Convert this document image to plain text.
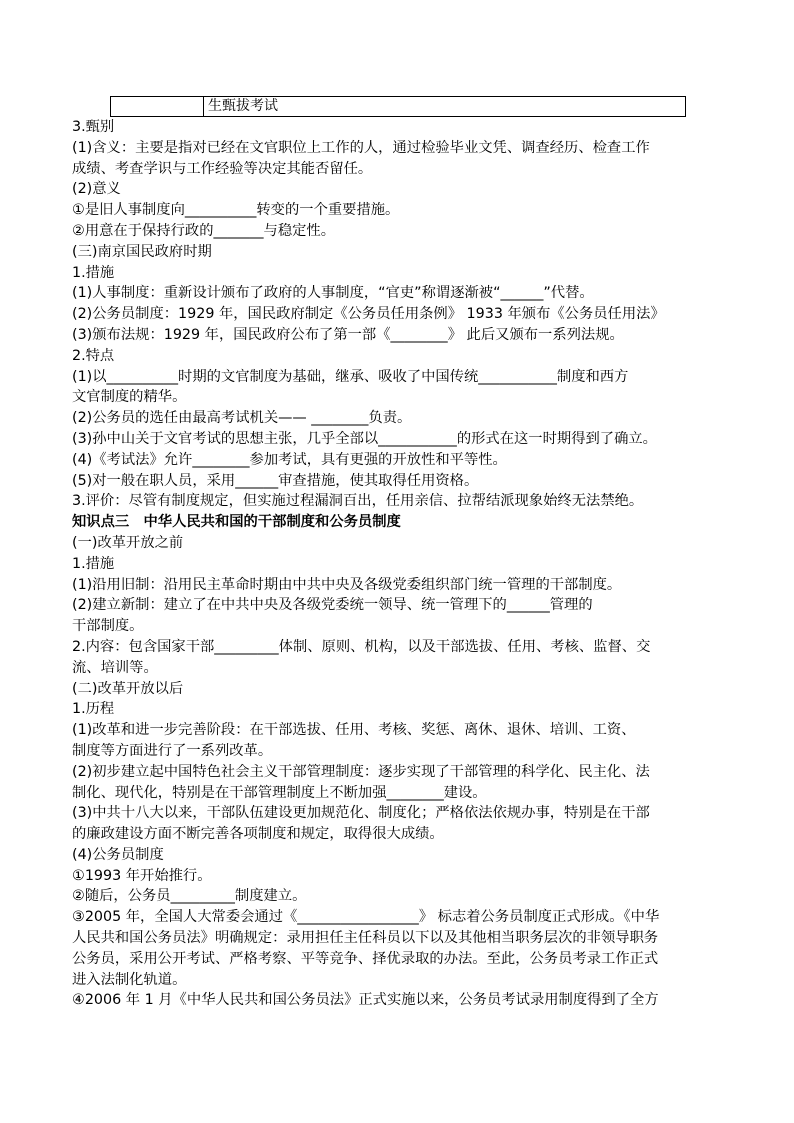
	生甄拔考试
3.甄别
(1)含义：主要是指对已经在文官职位上工作的人，通过检验毕业文凭、调查经历、检查工作
成绩、考查学识与工作经验等决定其能否留任。
(2)意义
①是旧人事制度向__________转变的一个重要措施。
②用意在于保持行政的_______与稳定性。
(三)南京国民政府时期
1.措施
(1)人事制度：重新设计颁布了政府的人事制度，“官吏”称谓逐渐被“______”代替。
(2)公务员制度：1929 年，国民政府制定《公务员任用条例》 1933 年颁布《公务员任用法》
(3)颁布法规：1929 年，国民政府公布了第一部《________》 此后又颁布一系列法规。
2.特点
(1)以__________时期的文官制度为基础，继承、吸收了中国传统___________制度和西方
文官制度的精华。
(2)公务员的选任由最高考试机关—— ________负责。
(3)孙中山关于文官考试的思想主张，几乎全部以___________的形式在这一时期得到了确立。
(4)《考试法》允许________参加考试，具有更强的开放性和平等性。
(5)对一般在职人员，采用______审查措施，使其取得任用资格。
3.评价：尽管有制度规定，但实施过程漏洞百出，任用亲信、拉帮结派现象始终无法禁绝。
知识点三　中华人民共和国的干部制度和公务员制度
(一)改革开放之前
1.措施
(1)沿用旧制：沿用民主革命时期由中共中央及各级党委组织部门统一管理的干部制度。
(2)建立新制：建立了在中共中央及各级党委统一领导、统一管理下的______管理的
干部制度。
2.内容：包含国家干部_________体制、原则、机构，以及干部选拔、任用、考核、监督、交
流、培训等。
(二)改革开放以后
1.历程
(1)改革和进一步完善阶段：在干部选拔、任用、考核、奖惩、离休、退休、培训、工资、
制度等方面进行了一系列改革。
(2)初步建立起中国特色社会主义干部管理制度：逐步实现了干部管理的科学化、民主化、法
制化、现代化，特别是在干部管理制度上不断加强________建设。
(3)中共十八大以来，干部队伍建设更加规范化、制度化；严格依法依规办事，特别是在干部
的廉政建设方面不断完善各项制度和规定，取得很大成绩。
(4)公务员制度
①1993 年开始推行。
②随后，公务员_________制度建立。
③2005 年，全国人大常委会通过《_________________》 标志着公务员制度正式形成。《中华
人民共和国公务员法》明确规定：录用担任主任科员以下以及其他相当职务层次的非领导职务
公务员，采用公开考试、严格考察、平等竞争、择优录取的办法。至此，公务员考录工作正式
进入法制化轨道。
④2006 年 1 月《中华人民共和国公务员法》正式实施以来，公务员考试录用制度得到了全方
